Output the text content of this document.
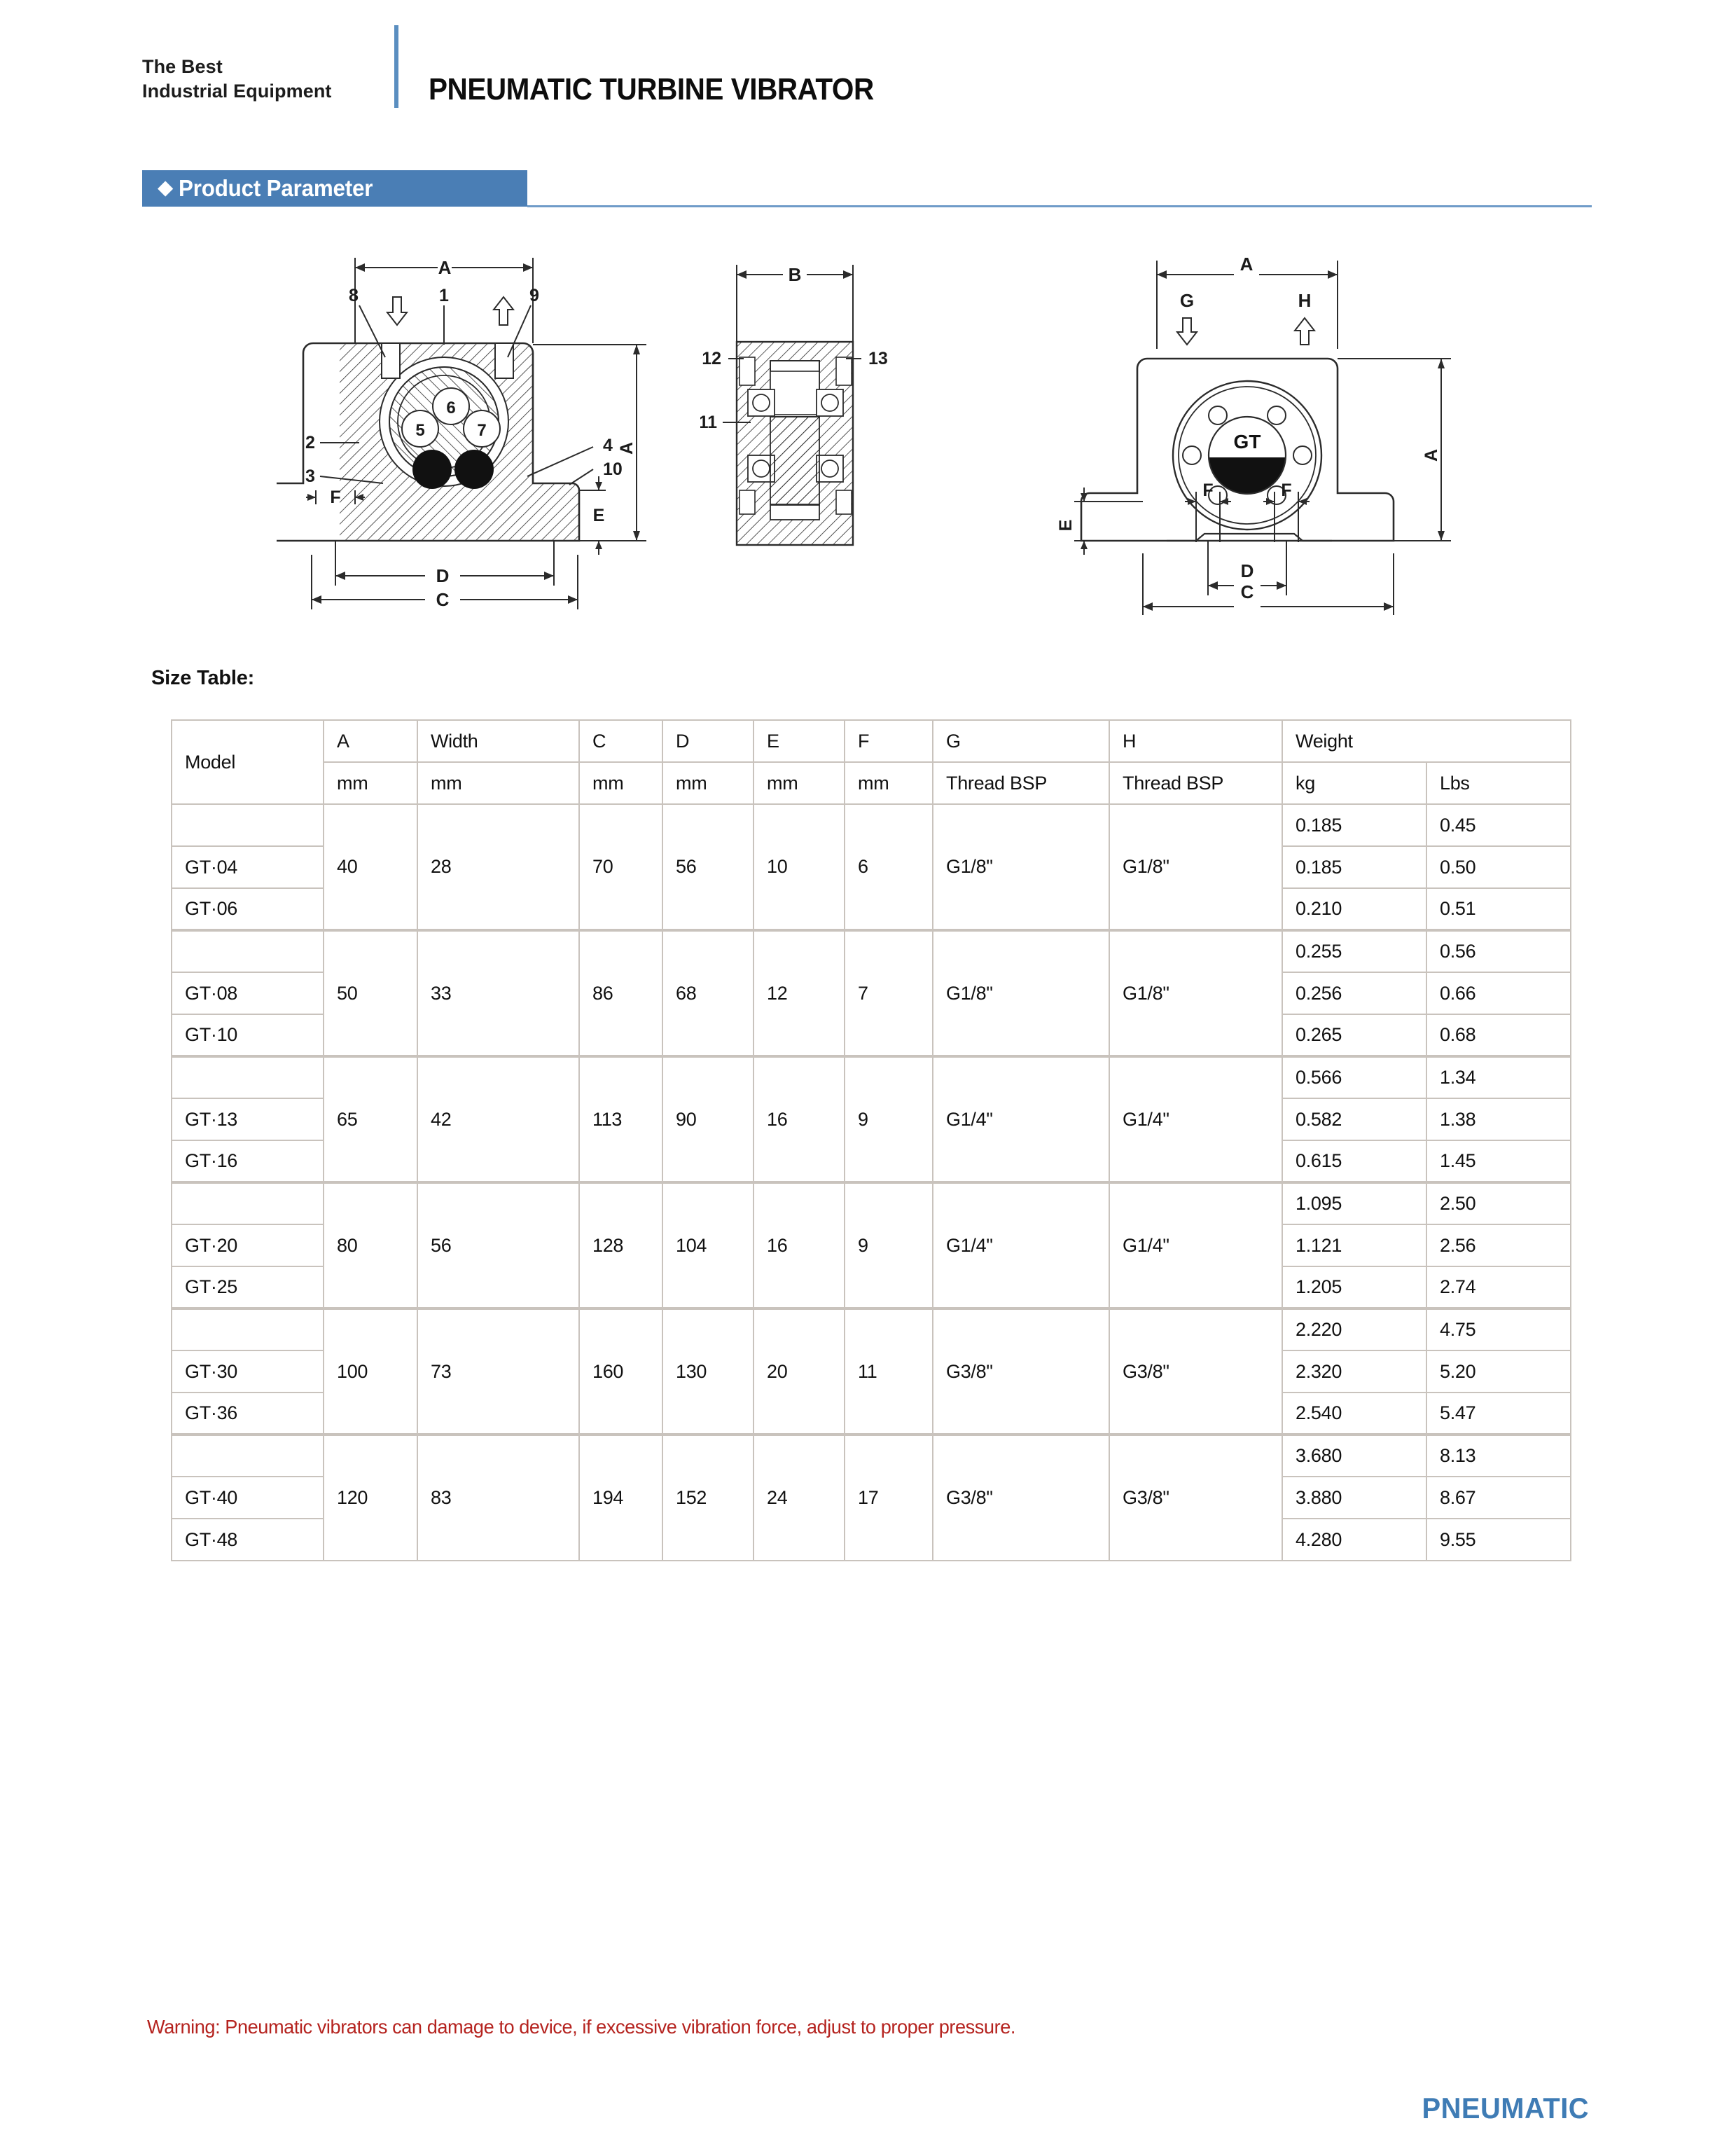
The Best
Industrial Equipment	PNEUMATIC TURBINE VIBRATOR
◆ Product Parameter
A
5
6
7
8	1	9
2
3
4
10
F
A
E
D
C
B
12	13
11
A
G	H
GT
F	F
E
A
D
C
Size Table:
Model	A	Width	C	D	E	F	G	H	Weight	
	mm	mm	mm	mm	mm	mm	Thread BSP	Thread BSP	kg	Lbs
	40	28	70	56	10	6	G1/8"	G1/8"	0.185	0.45
GT·04									0.185	0.50
GT·06									0.210	0.51
	50	33	86	68	12	7	G1/8"	G1/8"	0.255	0.56
GT·08									0.256	0.66
GT·10									0.265	0.68
	65	42	113	90	16	9	G1/4"	G1/4"	0.566	1.34
GT·13									0.582	1.38
GT·16									0.615	1.45
	80	56	128	104	16	9	G1/4"	G1/4"	1.095	2.50
GT·20									1.121	2.56
GT·25									1.205	2.74
	100	73	160	130	20	11	G3/8"	G3/8"	2.220	4.75
GT·30									2.320	5.20
GT·36									2.540	5.47
	120	83	194	152	24	17	G3/8"	G3/8"	3.680	8.13
GT·40									3.880	8.67
GT·48									4.280	9.55
Warning: Pneumatic vibrators can damage to device, if excessive vibration force, adjust to proper pressure.
PNEUMATIC
